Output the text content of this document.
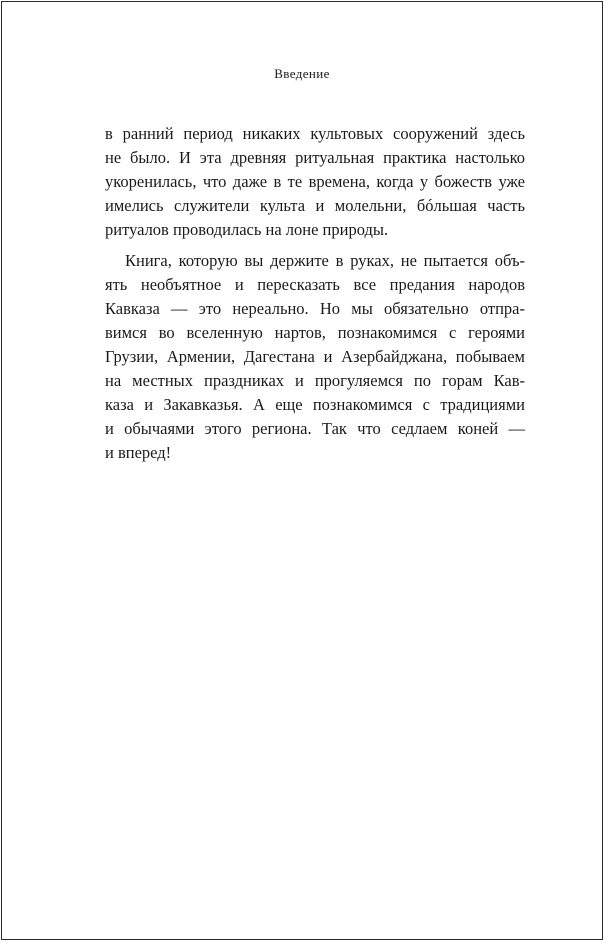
Введение
в ранний период никаких культовых сооружений здесь
не было. И эта древняя ритуальная практика настолько
укоренилась, что даже в те времена, когда у божеств уже
имелись служители культа и молельни, бóльшая часть
ритуалов проводилась на лоне природы.
Книга, которую вы держите в руках, не пытается объ-
ять необъятное и пересказать все предания народов
Кавказа — это нереально. Но мы обязательно отпра-
вимся во вселенную нартов, познакомимся с героями
Грузии, Армении, Дагестана и Азербайджана, побываем
на местных праздниках и прогуляемся по горам Кав-
каза и Закавказья. А еще познакомимся с традициями
и обычаями этого региона. Так что седлаем коней —
и вперед!
